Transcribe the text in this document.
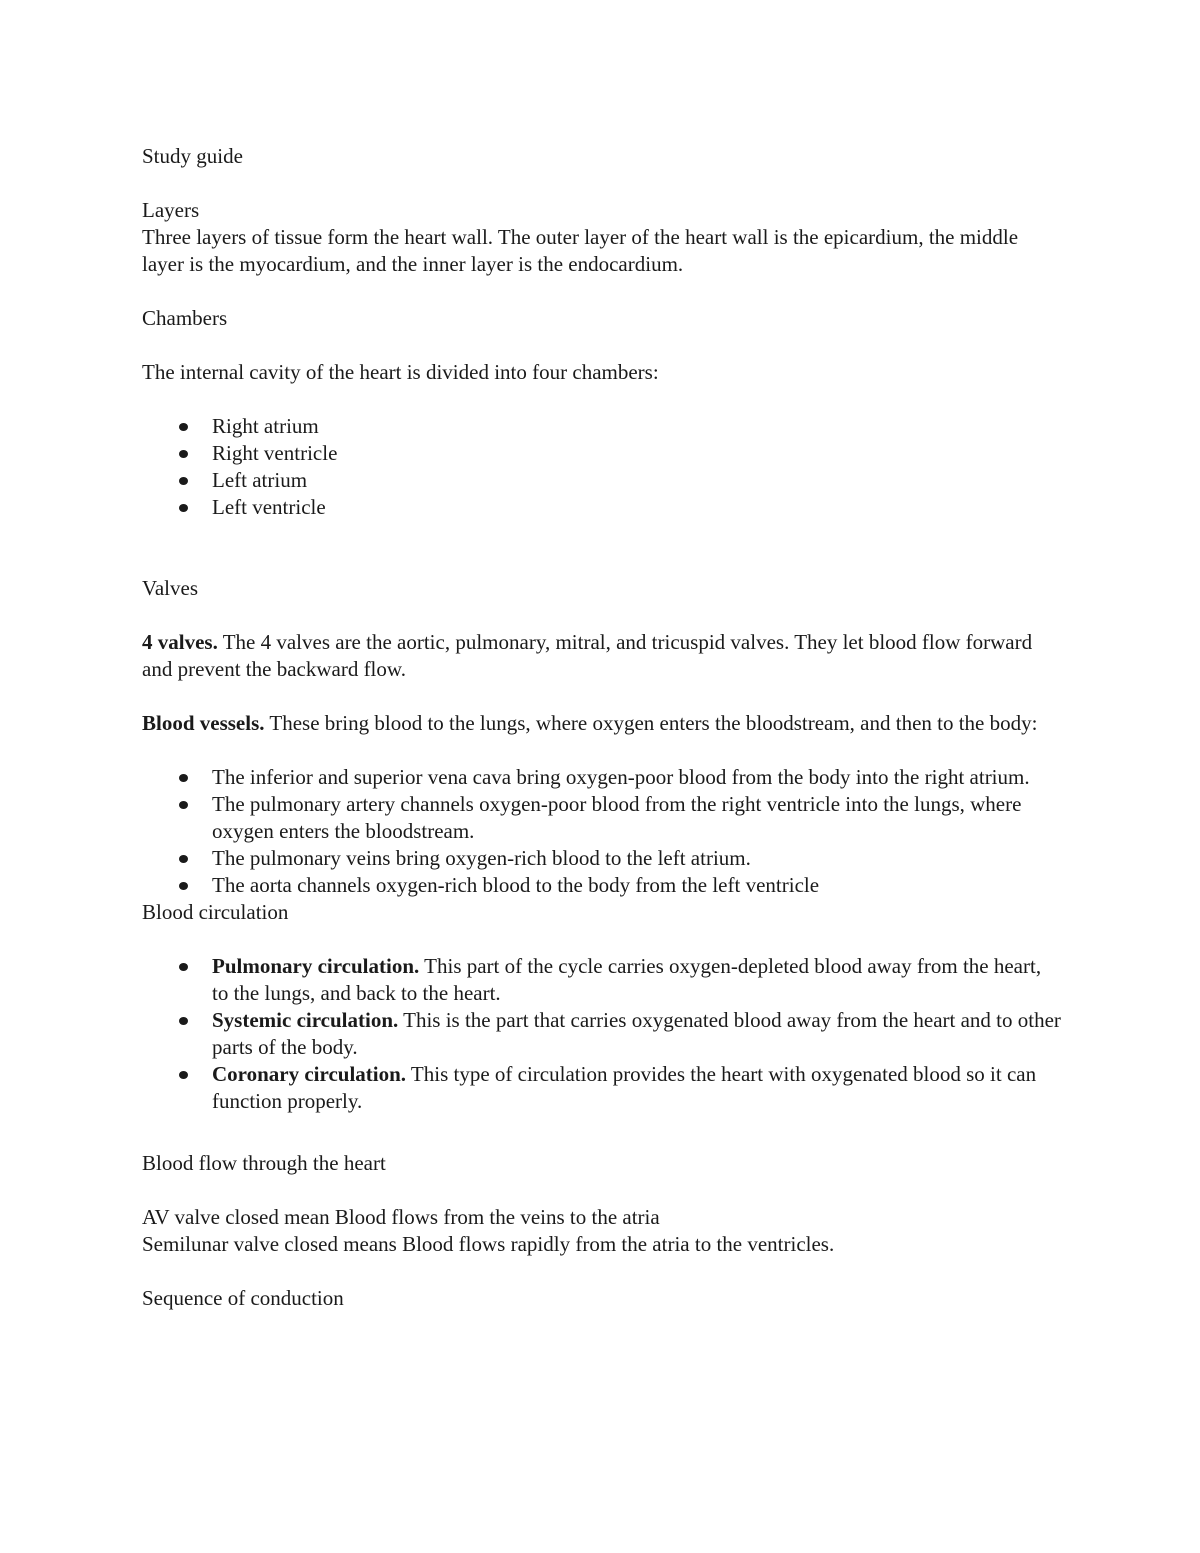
Study guide

Layers

Three layers of tissue form the heart wall. The outer layer of the heart wall is the epicardium, the middle layer is the myocardium, and the inner layer is the endocardium.

Chambers

The internal cavity of the heart is divided into four chambers:

Right atrium
Right ventricle
Left atrium
Left ventricle

Valves

4 valves. The 4 valves are the aortic, pulmonary, mitral, and tricuspid valves. They let blood flow forward and prevent the backward flow.

Blood vessels. These bring blood to the lungs, where oxygen enters the bloodstream, and then to the body:

The inferior and superior vena cava bring oxygen-poor blood from the body into the right atrium.
The pulmonary artery channels oxygen-poor blood from the right ventricle into the lungs, where oxygen enters the bloodstream.
The pulmonary veins bring oxygen-rich blood to the left atrium.
The aorta channels oxygen-rich blood to the body from the left ventricle

Blood circulation

Pulmonary circulation. This part of the cycle carries oxygen-depleted blood away from the heart, to the lungs, and back to the heart.
Systemic circulation. This is the part that carries oxygenated blood away from the heart and to other parts of the body.
Coronary circulation. This type of circulation provides the heart with oxygenated blood so it can function properly.

Blood flow through the heart

AV valve closed mean Blood flows from the veins to the atria

Semilunar valve closed means Blood flows rapidly from the atria to the ventricles.

Sequence of conduction
